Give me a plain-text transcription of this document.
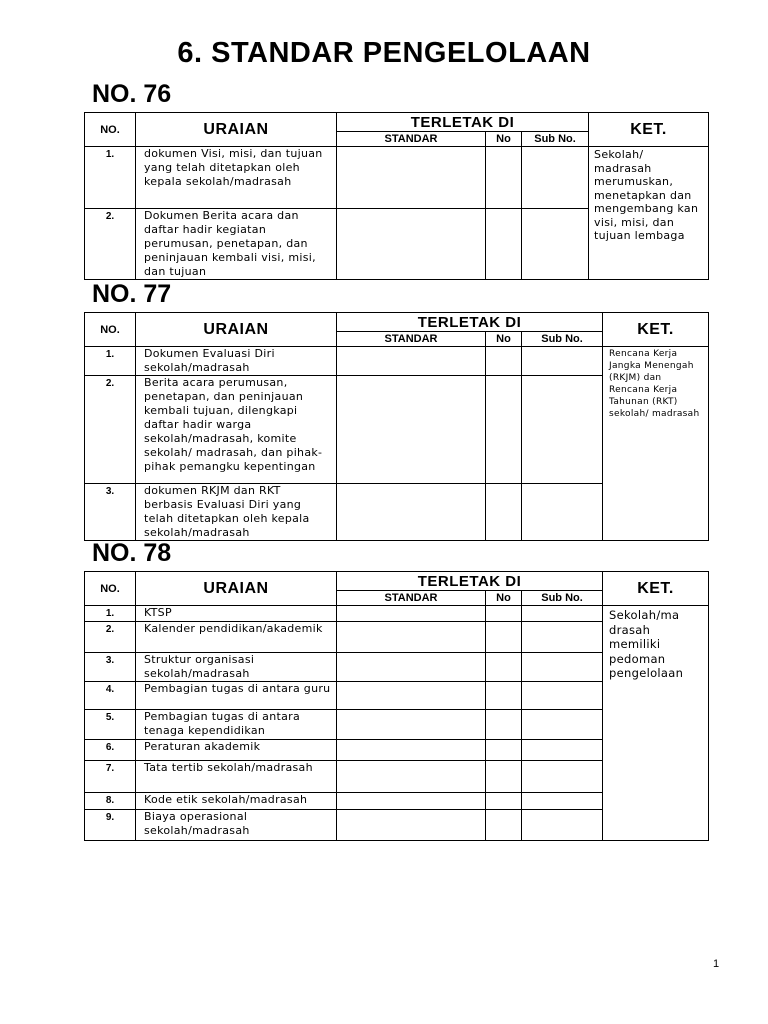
6. STANDAR PENGELOLAAN
NO. 76
NO.	URAIAN	TERLETAK DI			KET.
		STANDAR	No	Sub No.	
1.	dokumen Visi, misi, dan tujuan yang telah ditetapkan oleh kepala sekolah/madrasah				Sekolah/ madrasah merumuskan, menetapkan dan mengembang kan visi, misi, dan tujuan lembaga
2.	Dokumen Berita acara dan daftar hadir kegiatan perumusan, penetapan, dan peninjauan kembali visi, misi, dan tujuan				
NO. 77
NO.	URAIAN	TERLETAK DI			KET.
		STANDAR	No	Sub No.	
1.	Dokumen Evaluasi Diri sekolah/madrasah				Rencana Kerja Jangka Menengah (RKJM) dan Rencana Kerja Tahunan (RKT) sekolah/ madrasah
2.	Berita acara perumusan, penetapan, dan peninjauan kembali tujuan, dilengkapi daftar hadir warga sekolah/madrasah, komite sekolah/ madrasah, dan pihak-pihak pemangku kepentingan				
3.	dokumen RKJM dan RKT berbasis Evaluasi Diri yang telah ditetapkan oleh kepala sekolah/madrasah				
NO. 78
NO.	URAIAN	TERLETAK DI			KET.
		STANDAR	No	Sub No.	
1.	KTSP				Sekolah/ma drasah memiliki pedoman pengelolaan
2.	Kalender pendidikan/akademik				
3.	Struktur organisasi sekolah/madrasah				
4.	Pembagian tugas di antara guru				
5.	Pembagian tugas di antara tenaga kependidikan				
6.	Peraturan akademik				
7.	Tata tertib sekolah/madrasah				
8.	Kode etik sekolah/madrasah				
9.	Biaya operasional sekolah/madrasah				
1
